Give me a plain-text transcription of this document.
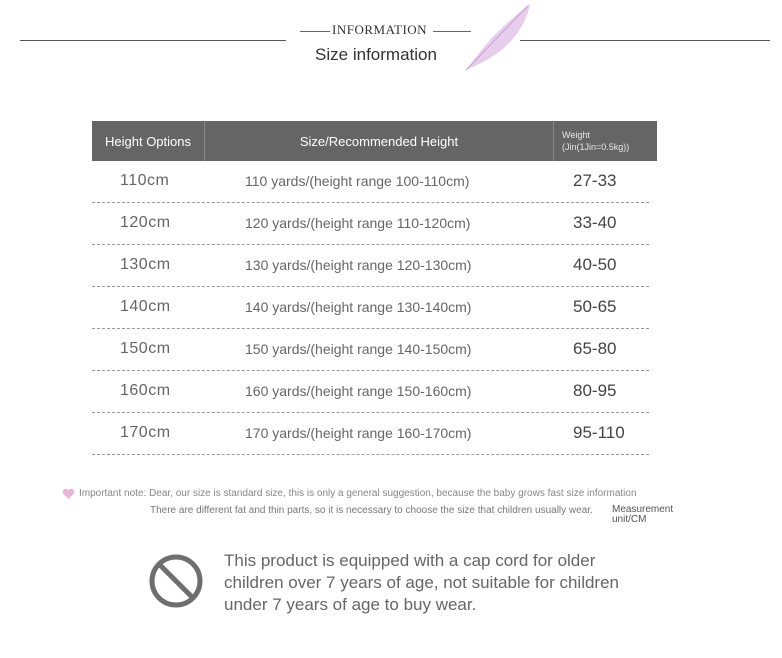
INFORMATION
Size information
Height Options	Size/Recommended Height	Weight
(Jin(1Jin=0.5kg))
110cm	110 yards/(height range 100-110cm)	27-33
120cm	120 yards/(height range 110-120cm)	33-40
130cm	130 yards/(height range 120-130cm)	40-50
140cm	140 yards/(height range 130-140cm)	50-65
150cm	150 yards/(height range 140-150cm)	65-80
160cm	160 yards/(height range 150-160cm)	80-95
170cm	170 yards/(height range 160-170cm)	95-110
Important note: Dear, our size is standard size, this is only a general suggestion, because the baby grows fast size information
There are different fat and thin parts, so it is necessary to choose the size that children usually wear.	Measurement unit/CM
This product is equipped with a cap cord for older children over 7 years of age, not suitable for children under 7 years of age to buy wear.
